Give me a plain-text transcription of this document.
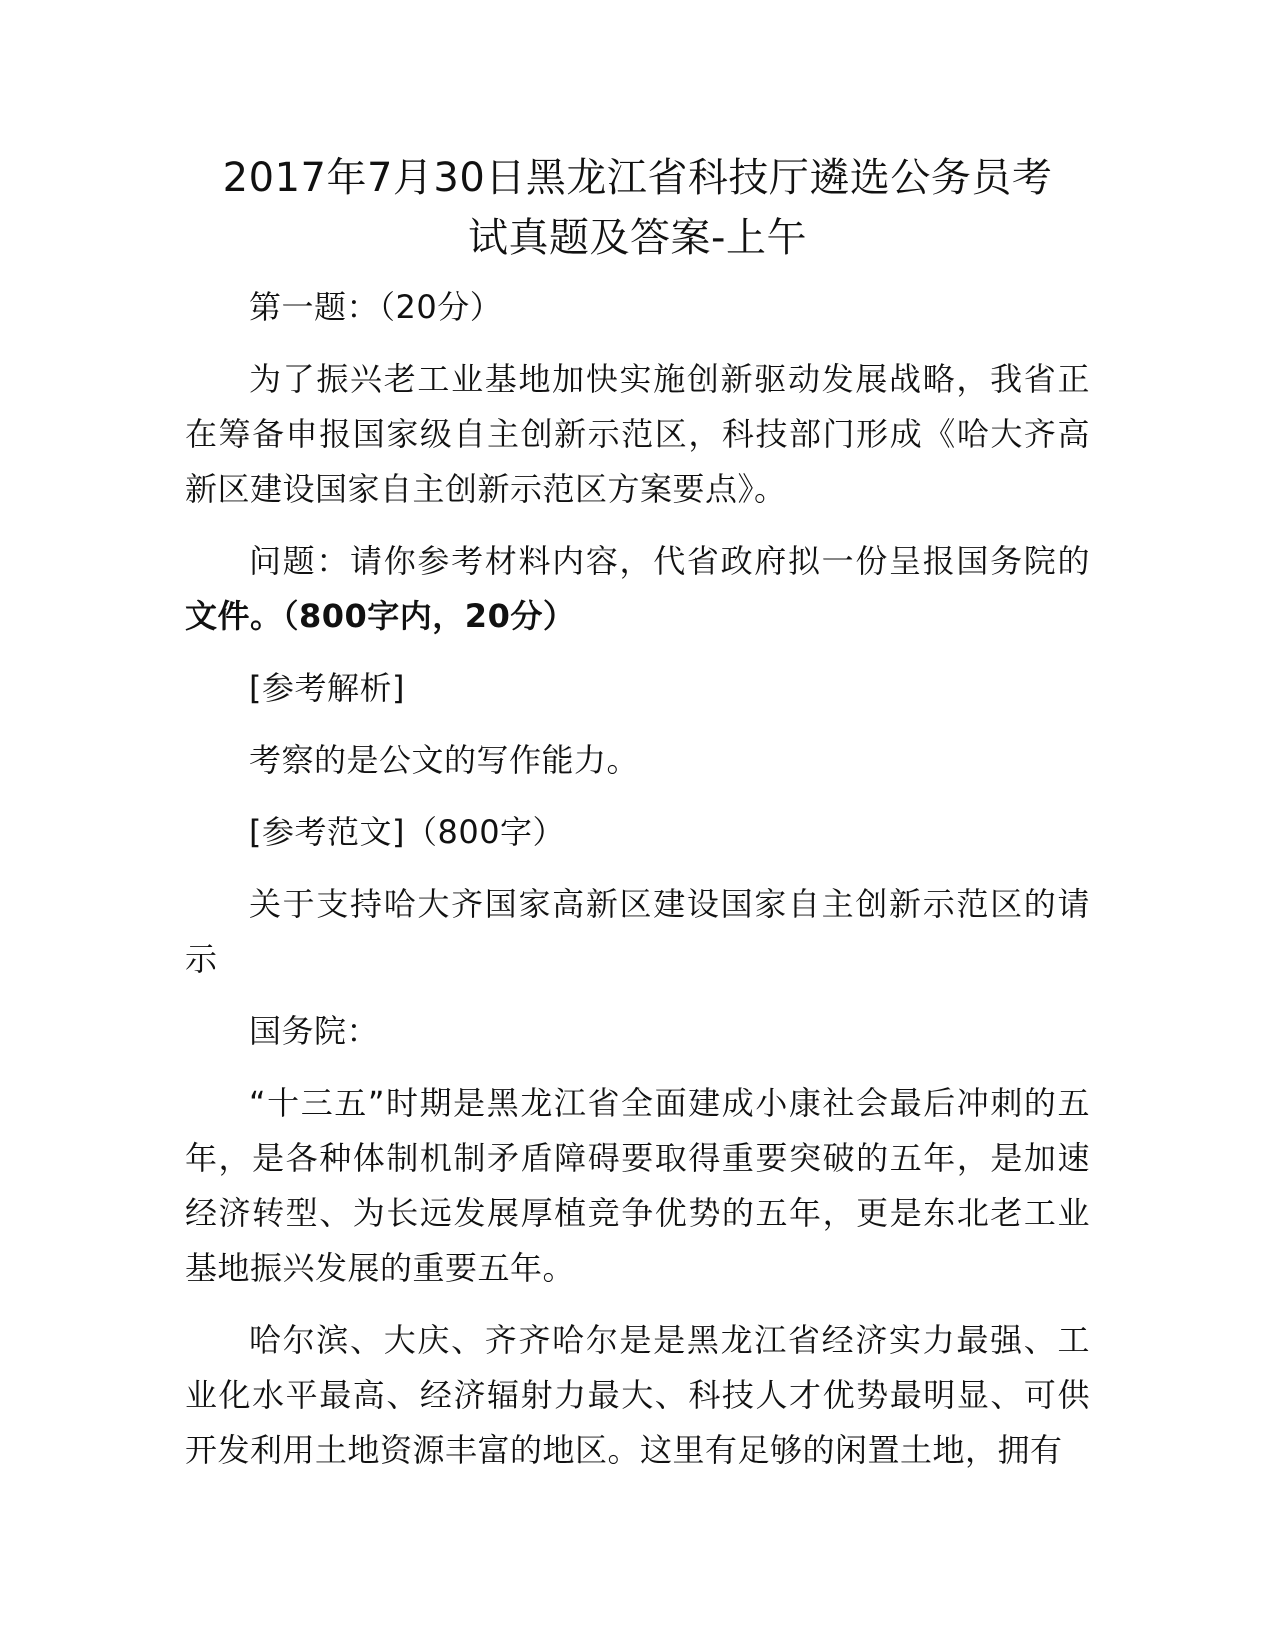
2017年7月30日黑龙江省科技厅遴选公务员考
试真题及答案-上午

第一题：（20分）

为了振兴老工业基地加快实施创新驱动发展战略，我省正在筹备申报国家级自主创新示范区，科技部门形成《哈大齐高新区建设国家自主创新示范区方案要点》。

问题：请你参考材料内容，代省政府拟一份呈报国务院的文件。（800字内，20分）

[参考解析]

考察的是公文的写作能力。

[参考范文]（800字）

关于支持哈大齐国家高新区建设国家自主创新示范区的请示

国务院：

“十三五”时期是黑龙江省全面建成小康社会最后冲刺的五年，是各种体制机制矛盾障碍要取得重要突破的五年，是加速经济转型、为长远发展厚植竞争优势的五年，更是东北老工业基地振兴发展的重要五年。

哈尔滨、大庆、齐齐哈尔是是黑龙江省经济实力最强、工业化水平最高、经济辐射力最大、科技人才优势最明显、可供开发利用土地资源丰富的地区。这里有足够的闲置土地，拥有
